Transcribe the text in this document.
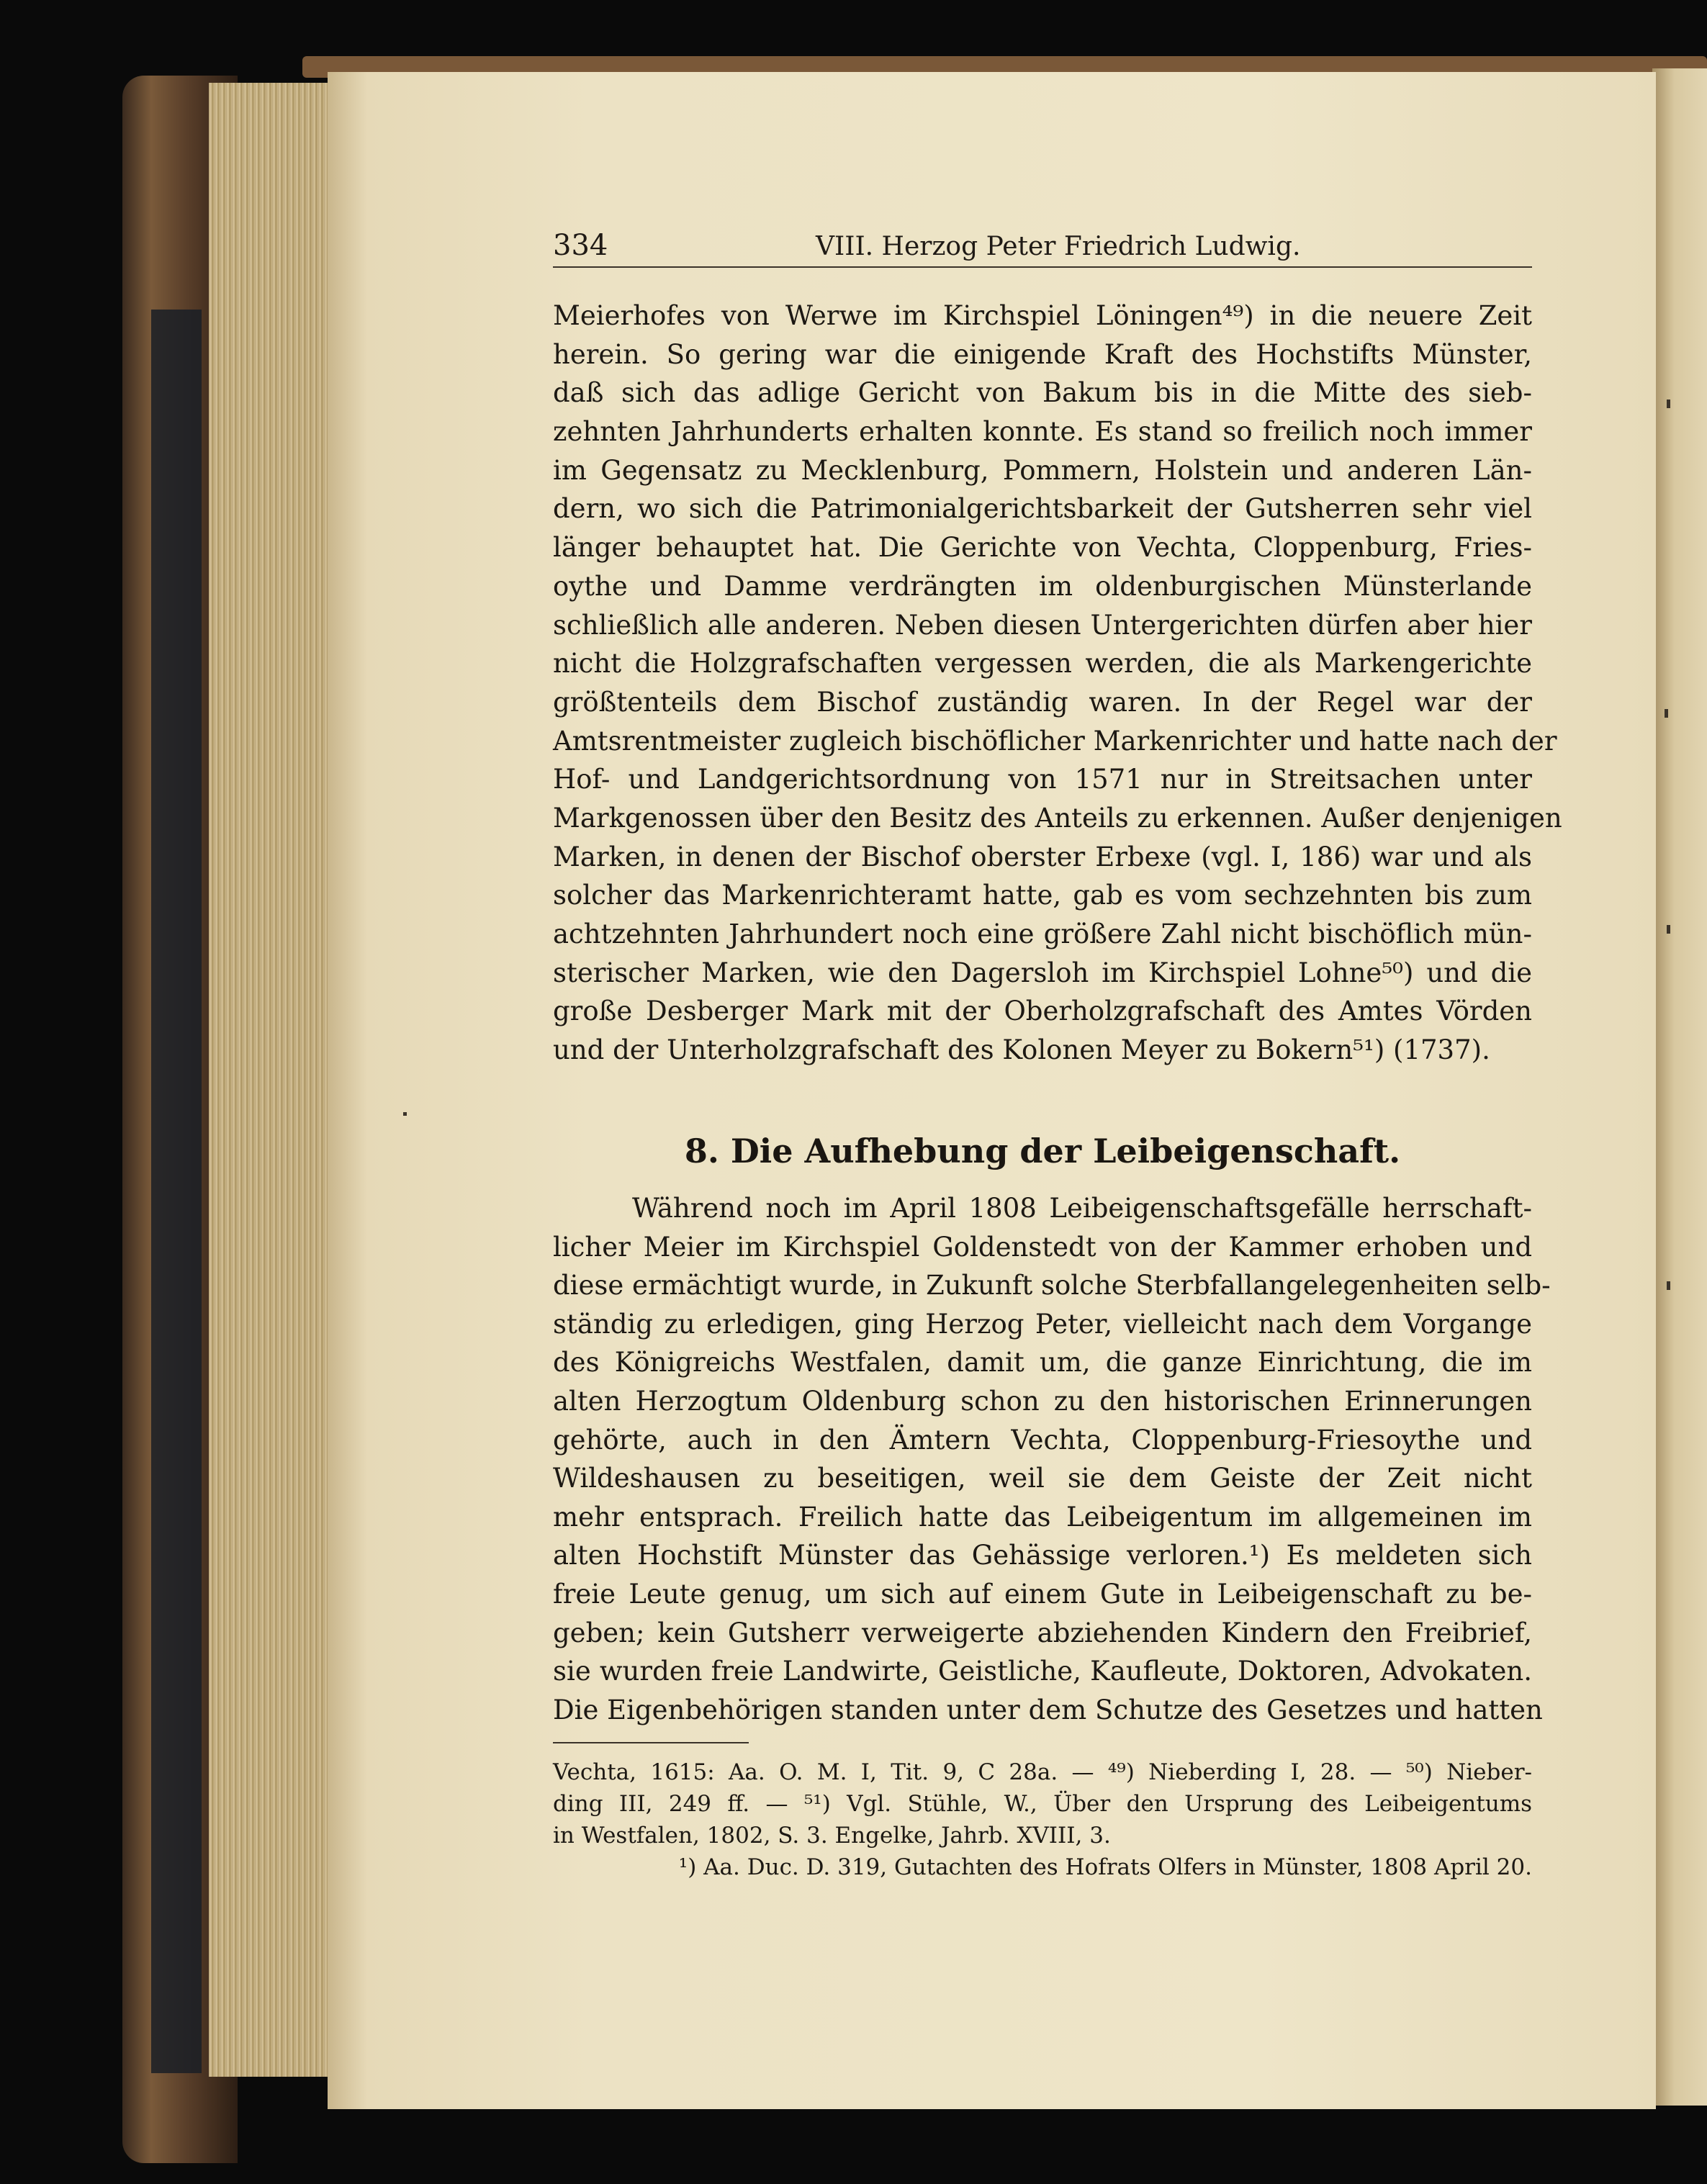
334	VIII. Herzog Peter Friedrich Ludwig.
Meierhofes von Werwe im Kirchspiel Löningen⁴⁹) in die neuere Zeit
herein. So gering war die einigende Kraft des Hochstifts Münster,
daß sich das adlige Gericht von Bakum bis in die Mitte des sieb-
zehnten Jahrhunderts erhalten konnte. Es stand so freilich noch immer
im Gegensatz zu Mecklenburg, Pommern, Holstein und anderen Län-
dern, wo sich die Patrimonialgerichtsbarkeit der Gutsherren sehr viel
länger behauptet hat. Die Gerichte von Vechta, Cloppenburg, Fries-
oythe und Damme verdrängten im oldenburgischen Münsterlande
schließlich alle anderen. Neben diesen Untergerichten dürfen aber hier
nicht die Holzgrafschaften vergessen werden, die als Markengerichte
größtenteils dem Bischof zuständig waren. In der Regel war der
Amtsrentmeister zugleich bischöflicher Markenrichter und hatte nach der
Hof- und Landgerichtsordnung von 1571 nur in Streitsachen unter
Markgenossen über den Besitz des Anteils zu erkennen. Außer denjenigen
Marken, in denen der Bischof oberster Erbexe (vgl. I, 186) war und als
solcher das Markenrichteramt hatte, gab es vom sechzehnten bis zum
achtzehnten Jahrhundert noch eine größere Zahl nicht bischöflich mün-
sterischer Marken, wie den Dagersloh im Kirchspiel Lohne⁵⁰) und die
große Desberger Mark mit der Oberholzgrafschaft des Amtes Vörden
und der Unterholzgrafschaft des Kolonen Meyer zu Bokern⁵¹) (1737).
8. Die Aufhebung der Leibeigenschaft.
Während noch im April 1808 Leibeigenschaftsgefälle herrschaft-
licher Meier im Kirchspiel Goldenstedt von der Kammer erhoben und
diese ermächtigt wurde, in Zukunft solche Sterbfallangelegenheiten selb-
ständig zu erledigen, ging Herzog Peter, vielleicht nach dem Vorgange
des Königreichs Westfalen, damit um, die ganze Einrichtung, die im
alten Herzogtum Oldenburg schon zu den historischen Erinnerungen
gehörte, auch in den Ämtern Vechta, Cloppenburg-Friesoythe und
Wildeshausen zu beseitigen, weil sie dem Geiste der Zeit nicht
mehr entsprach. Freilich hatte das Leibeigentum im allgemeinen im
alten Hochstift Münster das Gehässige verloren.¹) Es meldeten sich
freie Leute genug, um sich auf einem Gute in Leibeigenschaft zu be-
geben; kein Gutsherr verweigerte abziehenden Kindern den Freibrief,
sie wurden freie Landwirte, Geistliche, Kaufleute, Doktoren, Advokaten.
Die Eigenbehörigen standen unter dem Schutze des Gesetzes und hatten
Vechta, 1615: Aa. O. M. I, Tit. 9, C 28a. — ⁴⁹) Nieberding I, 28. — ⁵⁰) Nieber-
ding III, 249 ff. — ⁵¹) Vgl. Stühle, W., Über den Ursprung des Leibeigentums
in Westfalen, 1802, S. 3. Engelke, Jahrb. XVIII, 3.
¹) Aa. Duc. D. 319, Gutachten des Hofrats Olfers in Münster, 1808 April 20.
